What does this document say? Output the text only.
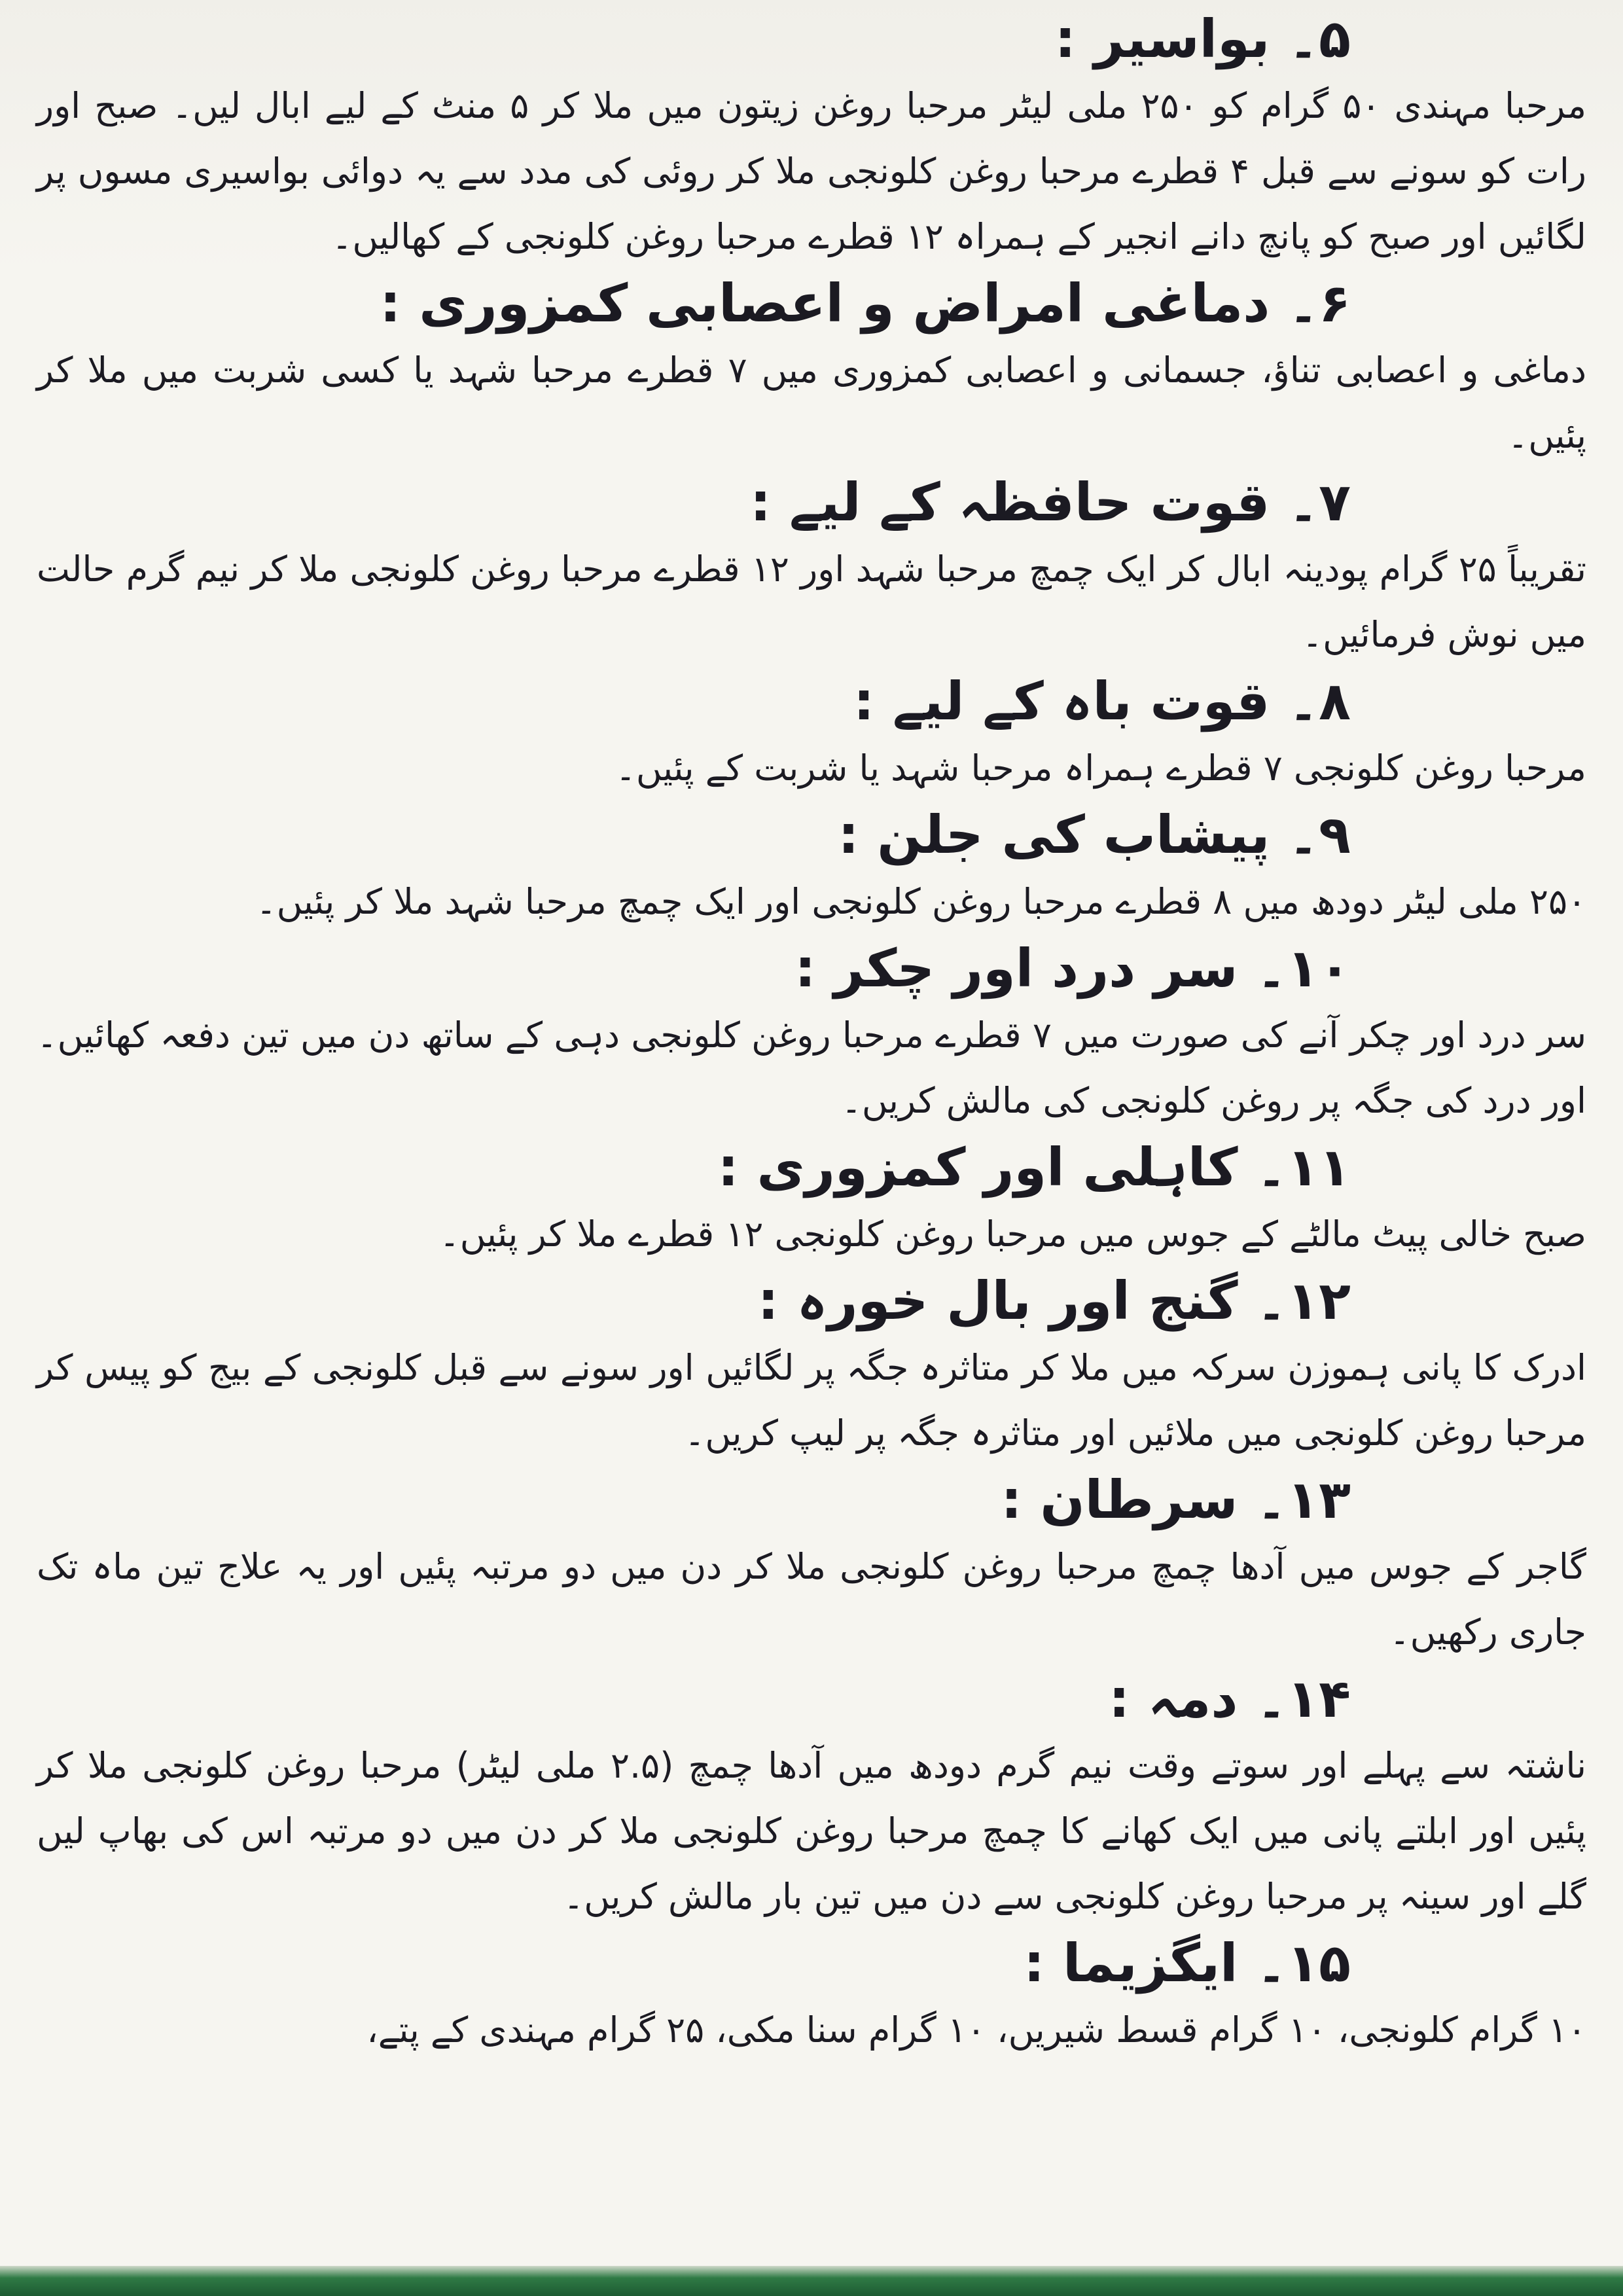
۵۔بواسیر :

مرحبا مہندی ۵۰ گرام کو ۲۵۰ ملی لیٹر مرحبا روغن زیتون میں ملا کر ۵ منٹ کے لیے ابال لیں۔ صبح اور رات کو سونے سے قبل ۴ قطرے مرحبا روغن کلونجی ملا کر روئی کی مدد سے یہ دوائی بواسیری مسوں پر لگائیں اور صبح کو پانچ دانے انجیر کے ہمراہ ۱۲ قطرے مرحبا روغن کلونجی کے کھالیں۔

۶۔دماغی امراض و اعصابی کمزوری :

دماغی و اعصابی تناؤ، جسمانی و اعصابی کمزوری میں ۷ قطرے مرحبا شہد یا کسی شربت میں ملا کر پئیں۔

۷۔قوت حافظہ کے لیے :

تقریباً ۲۵ گرام پودینہ ابال کر ایک چمچ مرحبا شہد اور ۱۲ قطرے مرحبا روغن کلونجی ملا کر نیم گرم حالت میں نوش فرمائیں۔

۸۔قوت باہ کے لیے :

مرحبا روغن کلونجی ۷ قطرے ہمراہ مرحبا شہد یا شربت کے پئیں۔

۹۔پیشاب کی جلن :

۲۵۰ ملی لیٹر دودھ میں ۸ قطرے مرحبا روغن کلونجی اور ایک چمچ مرحبا شہد ملا کر پئیں۔

۱۰۔سر درد اور چکر :

سر درد اور چکر آنے کی صورت میں ۷ قطرے مرحبا روغن کلونجی دہی کے ساتھ دن میں تین دفعہ کھائیں۔ اور درد کی جگہ پر روغن کلونجی کی مالش کریں۔

۱۱۔کاہلی اور کمزوری :

صبح خالی پیٹ مالٹے کے جوس میں مرحبا روغن کلونجی ۱۲ قطرے ملا کر پئیں۔

۱۲۔گنج اور بال خورہ :

ادرک کا پانی ہموزن سرکہ میں ملا کر متاثرہ جگہ پر لگائیں اور سونے سے قبل کلونجی کے بیج کو پیس کر مرحبا روغن کلونجی میں ملائیں اور متاثرہ جگہ پر لیپ کریں۔

۱۳۔سرطان :

گاجر کے جوس میں آدھا چمچ مرحبا روغن کلونجی ملا کر دن میں دو مرتبہ پئیں اور یہ علاج تین ماہ تک جاری رکھیں۔

۱۴۔دمہ :

ناشتہ سے پہلے اور سوتے وقت نیم گرم دودھ میں آدھا چمچ (۲.۵ ملی لیٹر) مرحبا روغن کلونجی ملا کر پئیں اور ابلتے پانی میں ایک کھانے کا چمچ مرحبا روغن کلونجی ملا کر دن میں دو مرتبہ اس کی بھاپ لیں گلے اور سینہ پر مرحبا روغن کلونجی سے دن میں تین بار مالش کریں۔

۱۵۔ایگزیما :

۱۰ گرام کلونجی، ۱۰ گرام قسط شیریں، ۱۰ گرام سنا مکی، ۲۵ گرام مہندی کے پتے،
